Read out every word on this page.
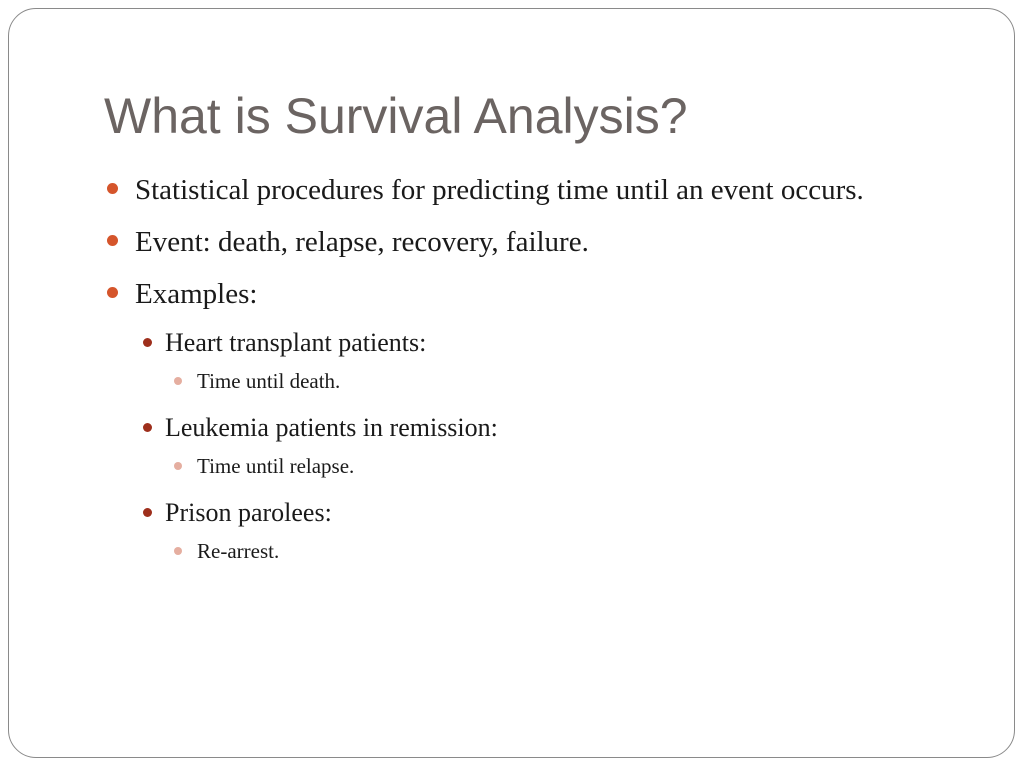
What is Survival Analysis?
Statistical procedures for predicting time until an event occurs.
Event: death, relapse, recovery, failure.
Examples:
Heart transplant patients:
Time until death.
Leukemia patients in remission:
Time until relapse.
Prison parolees:
Re-arrest.
